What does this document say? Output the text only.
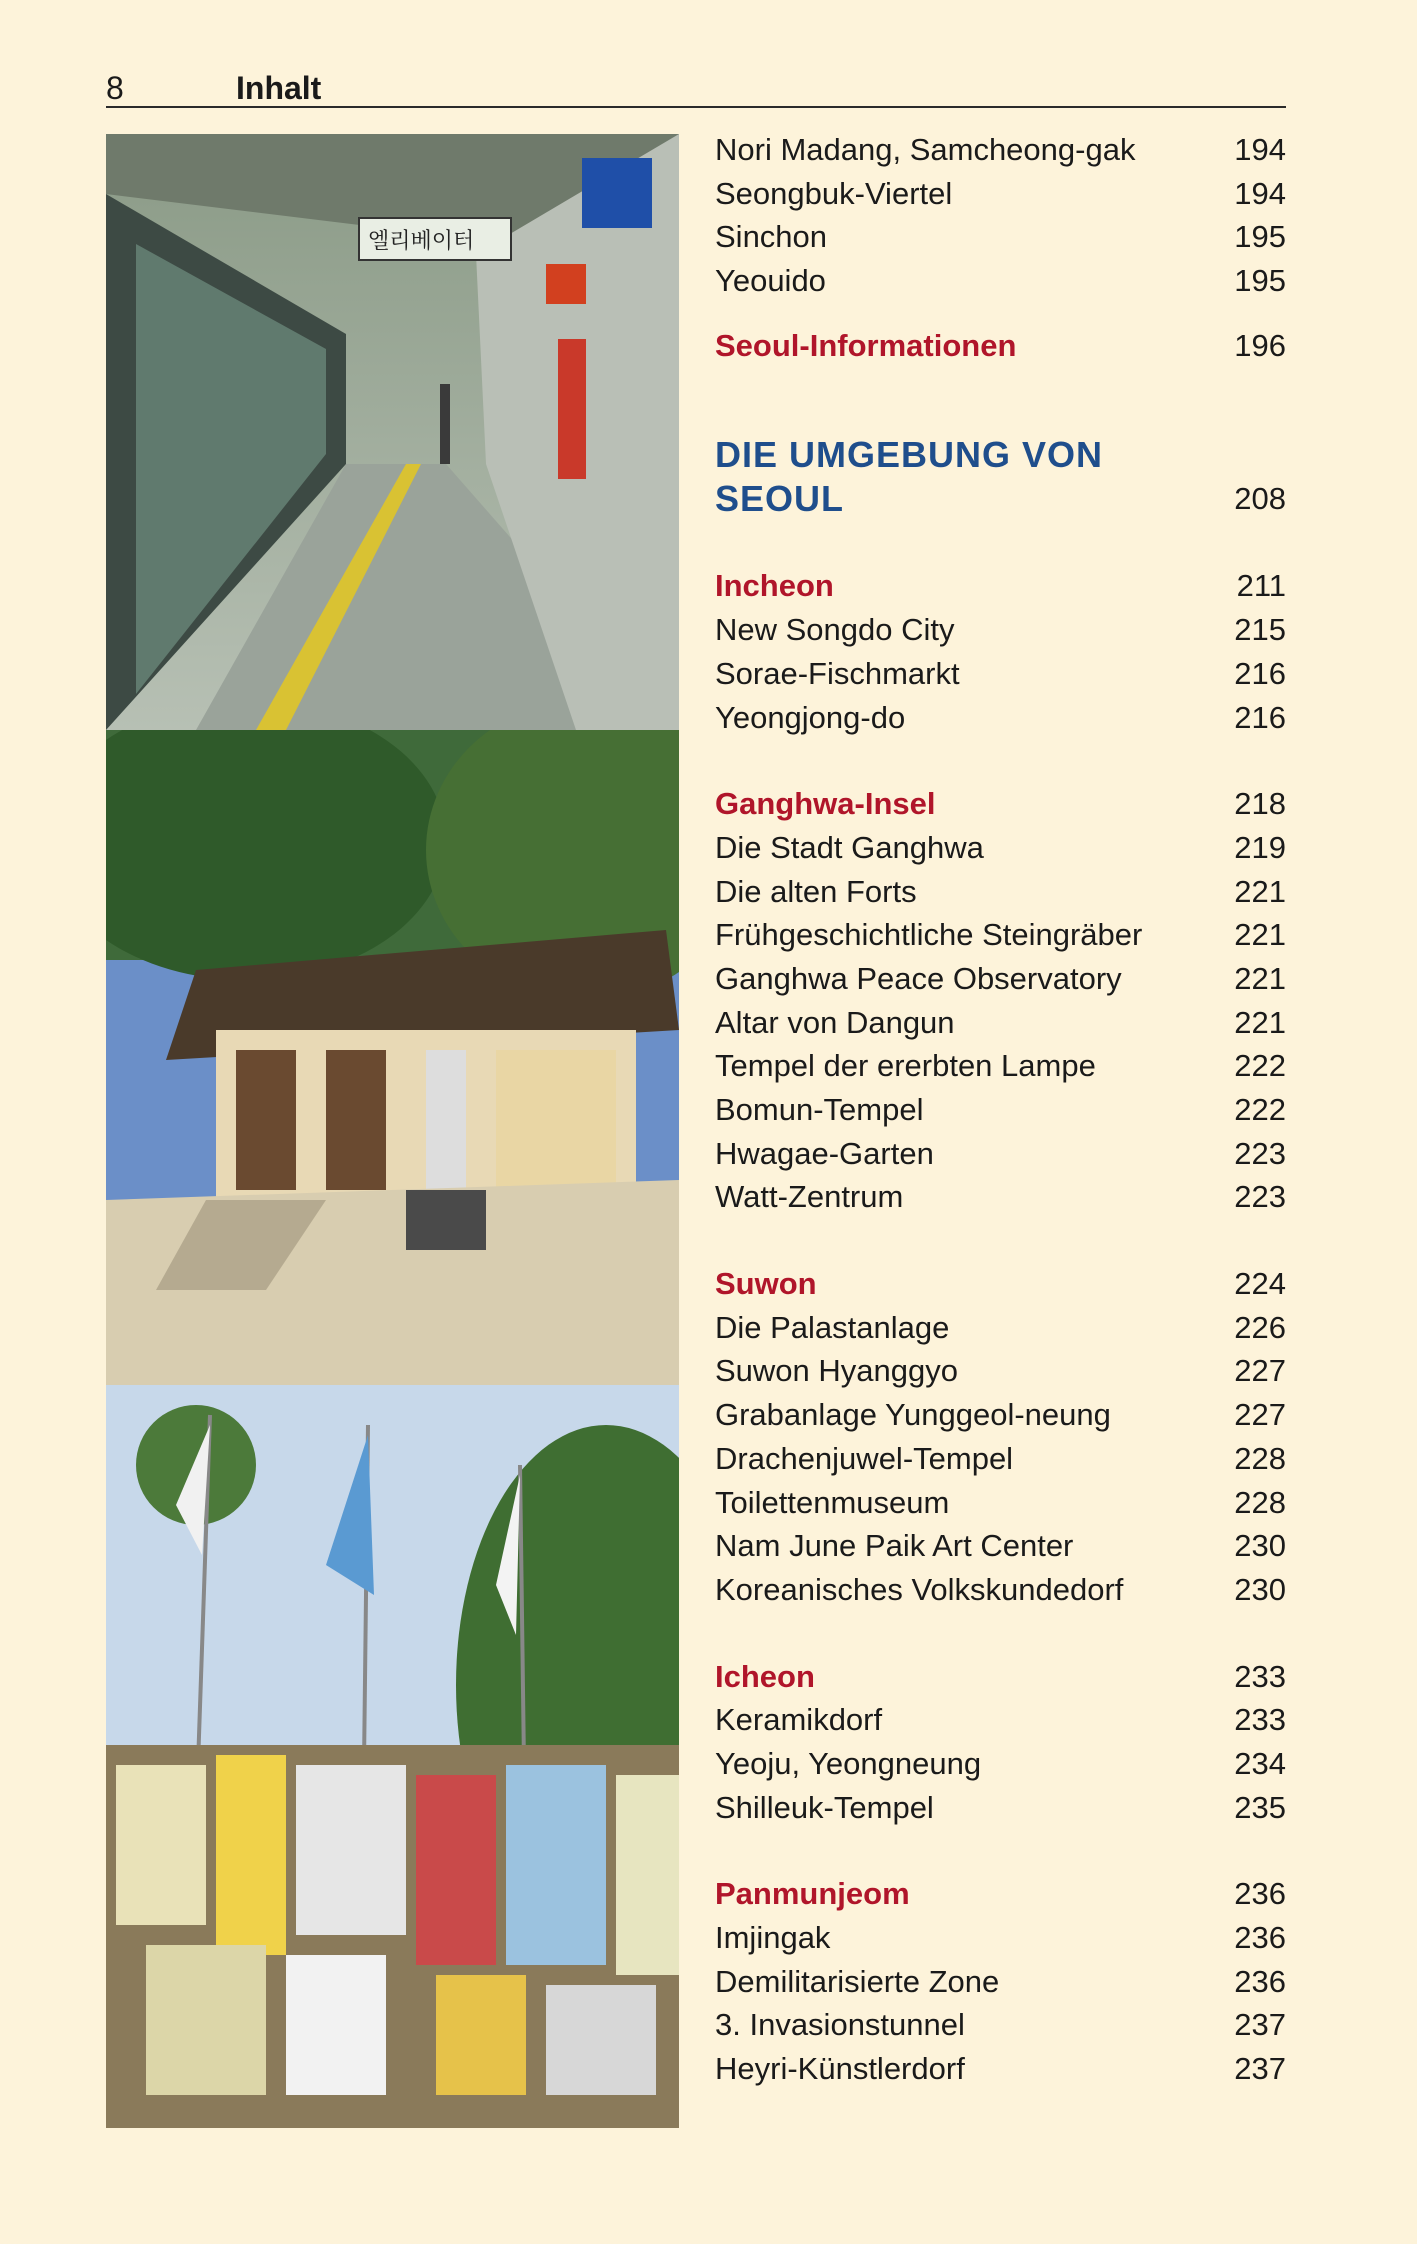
8	Inhalt
엘리베이터
Nori Madang, Samcheong-gak	194
Seongbuk-Viertel	194
Sinchon	195
Yeouido	195
Seoul-Informationen	196
DIE UMGEBUNG VON
SEOUL	208
Incheon	211
New Songdo City	215
Sorae-Fischmarkt	216
Yeongjong-do	216
Ganghwa-Insel	218
Die Stadt Ganghwa	219
Die alten Forts	221
Frühgeschichtliche Steingräber	221
Ganghwa Peace Observatory	221
Altar von Dangun	221
Tempel der ererbten Lampe	222
Bomun-Tempel	222
Hwagae-Garten	223
Watt-Zentrum	223
Suwon	224
Die Palastanlage	226
Suwon Hyanggyo	227
Grabanlage Yunggeol-neung	227
Drachenjuwel-Tempel	228
Toilettenmuseum	228
Nam June Paik Art Center	230
Koreanisches Volkskundedorf	230
Icheon	233
Keramikdorf	233
Yeoju, Yeongneung	234
Shilleuk-Tempel	235
Panmunjeom	236
Imjingak	236
Demilitarisierte Zone	236
3. Invasionstunnel	237
Heyri-Künstlerdorf	237
